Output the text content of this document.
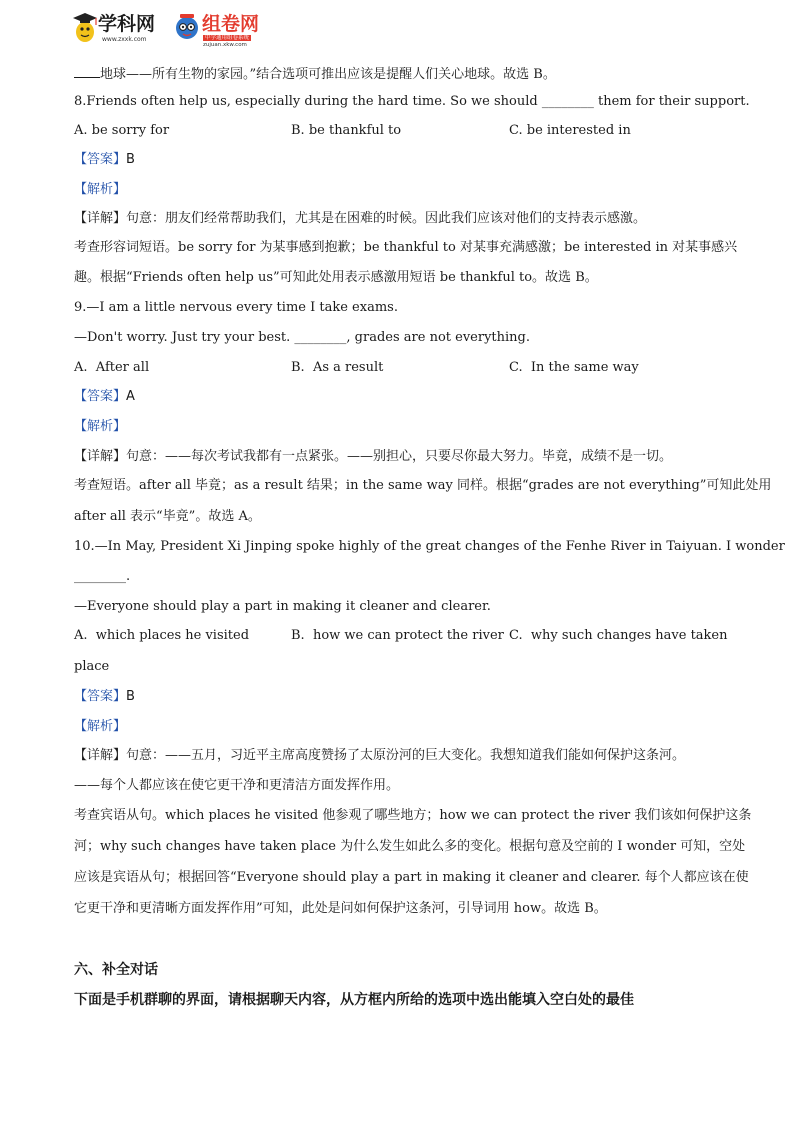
学科网
www.zxxk.com
组卷网
中学通用组卷系统
zujuan.xkw.com
地球——所有生物的家园。”结合选项可推出应该是提醒人们关心地球。故选 B。
8.Friends often help us, especially during the hard time. So we should ________ them for their support.
A. be sorry for	B. be thankful to	C. be interested in
【答案】B
【解析】
【详解】句意：朋友们经常帮助我们，尤其是在困难的时候。因此我们应该对他们的支持表示感激。
考查形容词短语。be sorry for 为某事感到抱歉；be thankful to 对某事充满感激；be interested in 对某事感兴
趣。根据“Friends often help us”可知此处用表示感激用短语 be thankful to。故选 B。
9.—I am a little nervous every time I take exams.
—Don't worry. Just try your best. ________, grades are not everything.
A. After all	B. As a result	C. In the same way
【答案】A
【解析】
【详解】句意：——每次考试我都有一点紧张。——别担心，只要尽你最大努力。毕竟，成绩不是一切。
考查短语。after all 毕竟；as a result 结果；in the same way 同样。根据“grades are not everything”可知此处用
after all 表示“毕竟”。故选 A。
10.—In May, President Xi Jinping spoke highly of the great changes of the Fenhe River in Taiyuan. I wonder
________.
—Everyone should play a part in making it cleaner and clearer.
A. which places he visited	B. how we can protect the river C. why such changes have taken
place
【答案】B
【解析】
【详解】句意：——五月，习近平主席高度赞扬了太原汾河的巨大变化。我想知道我们能如何保护这条河。
——每个人都应该在使它更干净和更清洁方面发挥作用。
考查宾语从句。which places he visited 他参观了哪些地方；how we can protect the river 我们该如何保护这条
河；why such changes have taken place 为什么发生如此么多的变化。根据句意及空前的 I wonder 可知，空处
应该是宾语从句；根据回答“Everyone should play a part in making it cleaner and clearer. 每个人都应该在使
它更干净和更清晰方面发挥作用”可知，此处是问如何保护这条河，引导词用 how。故选 B。
六、补全对话
下面是手机群聊的界面，请根据聊天内容，从方框内所给的选项中选出能填入空白处的最佳
